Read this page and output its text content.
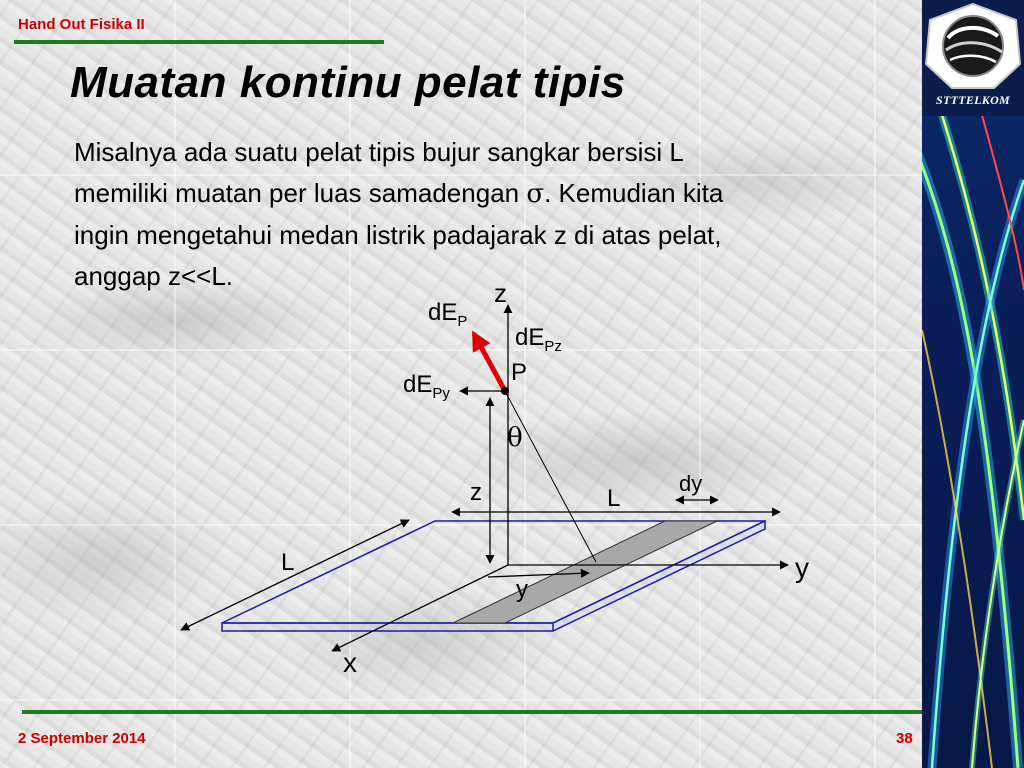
Hand Out Fisika II
Muatan kontinu pelat tipis
Misalnya ada suatu pelat tipis bujur sangkar bersisi L
memiliki muatan per luas samadengan σ. Kemudian kita
ingin mengetahui medan listrik padajarak z di atas pelat,
anggap z<<L.
z
$dE_P$
$dE_{Pz}$
P
$dE_{Py}$
θ
z	dy
L
L	y
y
x
STTTELKOM
2 September 2014	38
